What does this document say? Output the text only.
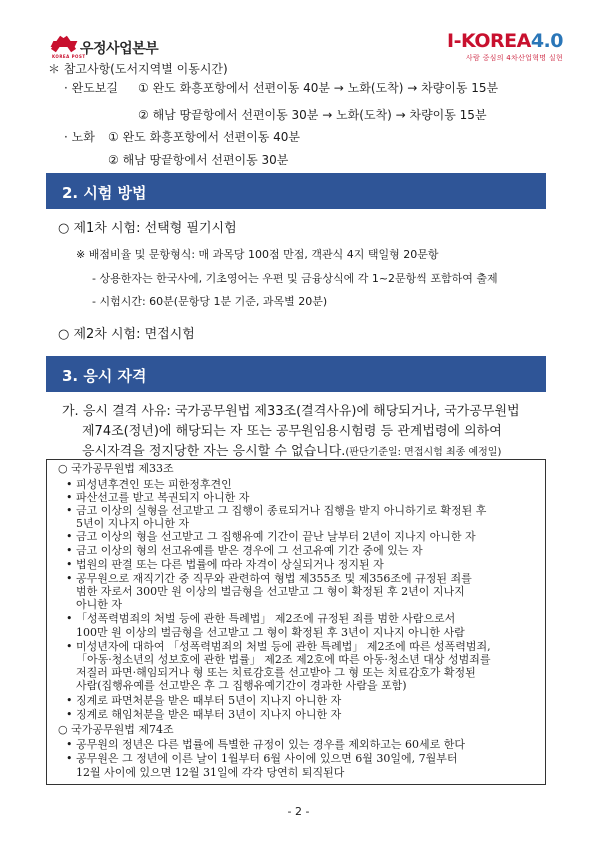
KOREA POST
우정사업본부	I-KOREA4.0
사람 중심의 4차산업혁명 실현
＊ 참고사항(도서지역별 이동시간)
· 완도보길 ① 완도 화흥포항에서 선편이동 40분 → 노화(도착) → 차량이동 15분
② 해남 땅끝항에서 선편이동 30분 → 노화(도착) → 차량이동 15분
· 노화 ① 완도 화흥포항에서 선편이동 40분
② 해남 땅끝항에서 선편이동 30분
2. 시험 방법
○ 제1차 시험: 선택형 필기시험
※ 배점비율 및 문항형식: 매 과목당 100점 만점, 객관식 4지 택일형 20문항
- 상용한자는 한국사에, 기초영어는 우편 및 금융상식에 각 1~2문항씩 포함하여 출제
- 시험시간: 60분(문항당 1분 기준, 과목별 20분)
○ 제2차 시험: 면접시험
3. 응시 자격
가. 응시 결격 사유: 국가공무원법 제33조(결격사유)에 해당되거나, 국가공무원법
제74조(정년)에 해당되는 자 또는 공무원임용시험령 등 관계법령에 의하여
응시자격을 정지당한 자는 응시할 수 없습니다.(판단기준일: 면접시험 최종 예정일)
○ 국가공무원법 제33조
• 피성년후견인 또는 피한정후견인
• 파산선고를 받고 복권되지 아니한 자
• 금고 이상의 실형을 선고받고 그 집행이 종료되거나 집행을 받지 아니하기로 확정된 후
5년이 지나지 아니한 자
• 금고 이상의 형을 선고받고 그 집행유예 기간이 끝난 날부터 2년이 지나지 아니한 자
• 금고 이상의 형의 선고유예를 받은 경우에 그 선고유예 기간 중에 있는 자
• 법원의 판결 또는 다른 법률에 따라 자격이 상실되거나 정지된 자
• 공무원으로 재직기간 중 직무와 관련하여 형법 제355조 및 제356조에 규정된 죄를
범한 자로서 300만 원 이상의 벌금형을 선고받고 그 형이 확정된 후 2년이 지나지
아니한 자
• 「성폭력범죄의 처벌 등에 관한 특례법」 제2조에 규정된 죄를 범한 사람으로서
100만 원 이상의 벌금형을 선고받고 그 형이 확정된 후 3년이 지나지 아니한 사람
• 미성년자에 대하여 「성폭력범죄의 처벌 등에 관한 특례법」 제2조에 따른 성폭력범죄,
「아동·청소년의 성보호에 관한 법률」 제2조 제2호에 따른 아동·청소년 대상 성범죄를
저질러 파면·해임되거나 형 또는 치료감호를 선고받아 그 형 또는 치료감호가 확정된
사람(집행유예를 선고받은 후 그 집행유예기간이 경과한 사람을 포함)
• 징계로 파면처분을 받은 때부터 5년이 지나지 아니한 자
• 징계로 해임처분을 받은 때부터 3년이 지나지 아니한 자
○ 국가공무원법 제74조
• 공무원의 정년은 다른 법률에 특별한 규정이 있는 경우를 제외하고는 60세로 한다
• 공무원은 그 정년에 이른 날이 1월부터 6월 사이에 있으면 6월 30일에, 7월부터
12월 사이에 있으면 12월 31일에 각각 당연히 퇴직된다
- 2 -
